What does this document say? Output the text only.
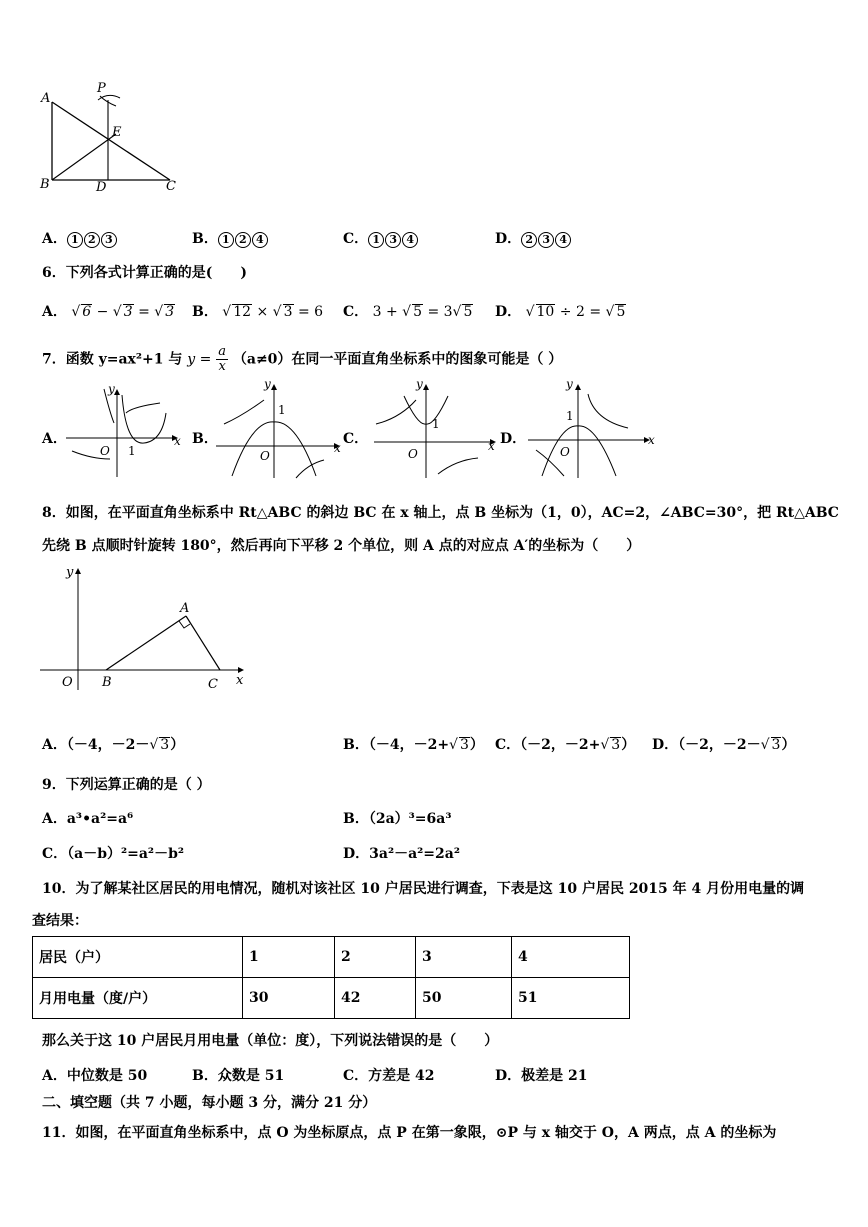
A
P
E
B	D	C
A． 1 2 3	B． 1 2 4	C． 1 3 4	D． 2 3 4
6．下列各式计算正确的是(　　)
A． √ 6 − √ 3 = √ 3 B． √ 12 × √ 3 = 6 C． 3 + √ 5 = 3√ 5 D． √ 10 ÷ 2 = √ 5
7．函数 y=ax²+1 与 $y = \frac{a}{x} (a\ne 0)$在同一平面直角坐标系中的图象可能是（ ）
A．
y
x
O 1
B．
y
x
O
1
C．
y
x
O
1
D．
y
x
O
1
8．如图，在平面直角坐标系中 Rt△ABC 的斜边 BC 在 x 轴上，点 B 坐标为（1，0），AC=2，∠ABC=30°，把 Rt△ABC
先绕 B 点顺时针旋转 180°，然后再向下平移 2 个单位，则 A 点的对应点 A′的坐标为（　　）
y
x
O B	C
A
A．（－4，－2－√ 3）	B．（－4，－2+√ 3） C．（－2，－2+√ 3） D．（－2，－2－√ 3）
9．下列运算正确的是（ ）
A．a³•a²=a⁶	B．（2a）³=6a³
C．（a－b）²=a²－b²	D．3a²－a²=2a²
10．为了解某社区居民的用电情况，随机对该社区 10 户居民进行调查，下表是这 10 户居民 2015 年 4 月份用电量的调
查结果：
居民（户）	1	2	3	4
月用电量（度/户）	30	42	50	51
那么关于这 10 户居民月用电量（单位：度），下列说法错误的是（　　）
A．中位数是 50	B．众数是 51	C．方差是 42	D．极差是 21
二、填空题（共 7 小题，每小题 3 分，满分 21 分）
11．如图，在平面直角坐标系中，点 O 为坐标原点，点 P 在第一象限，⊙P 与 x 轴交于 O，A 两点，点 A 的坐标为
